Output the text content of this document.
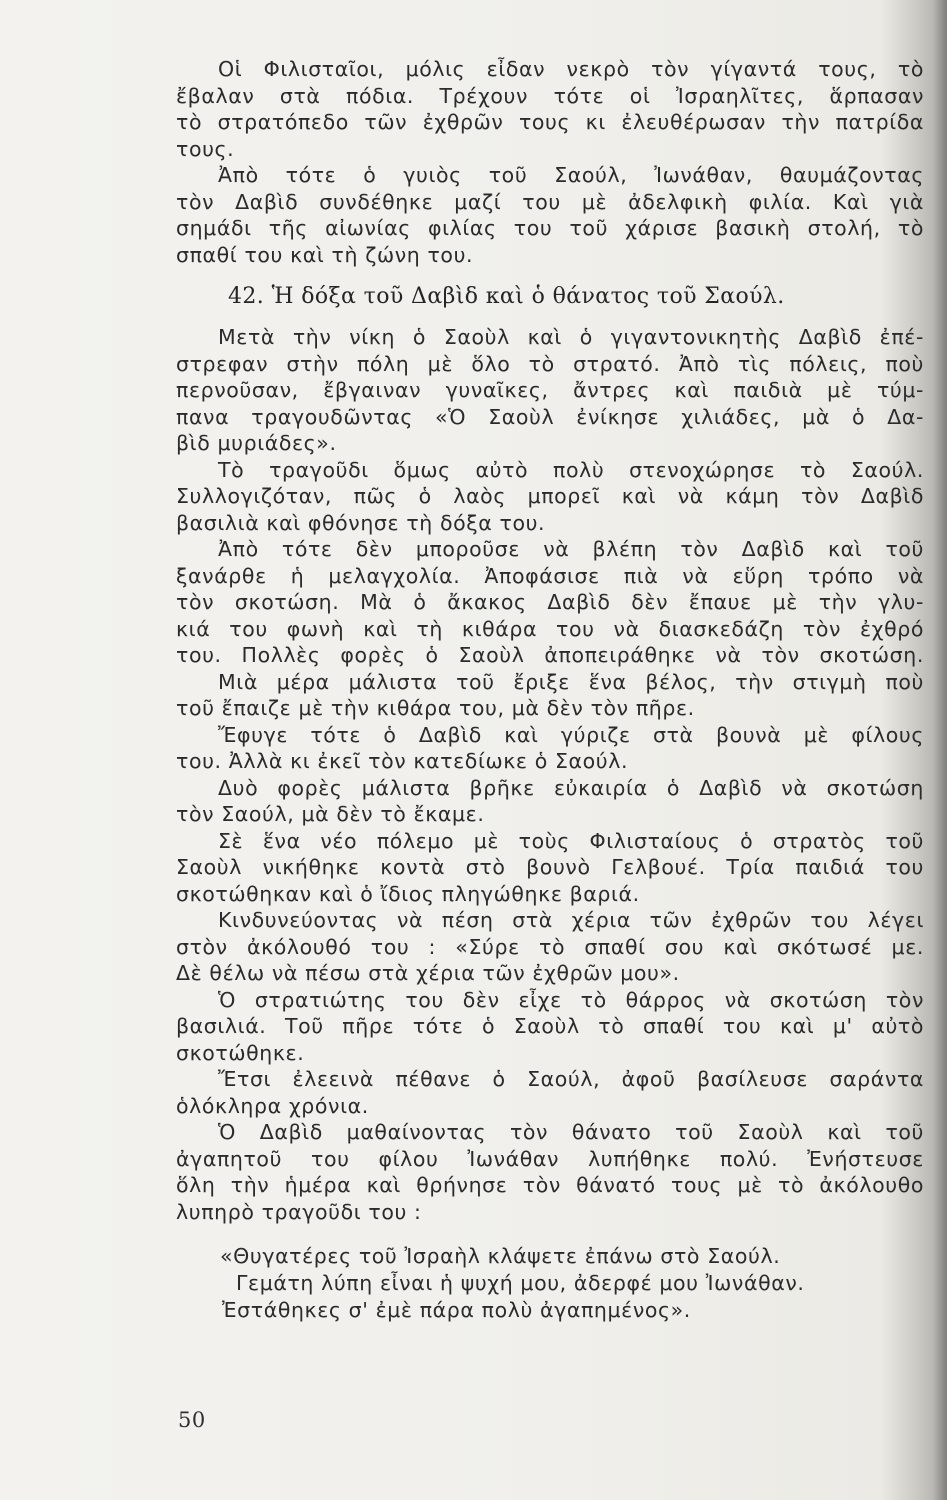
Οἱ Φιλισταῖοι, μόλις εἶδαν νεκρὸ τὸν γίγαντά τους, τὸ
ἔβαλαν στὰ πόδια. Τρέχουν τότε οἱ Ἰσραηλῖτες, ἅρπασαν
τὸ στρατόπεδο τῶν ἐχθρῶν τους κι ἐλευθέρωσαν τὴν πατρίδα
τους.
Ἀπὸ τότε ὁ γυιὸς τοῦ Σαούλ, Ἰωνάθαν, θαυμάζοντας
τὸν Δαβὶδ συνδέθηκε μαζί του μὲ ἀδελφικὴ φιλία. Καὶ γιὰ
σημάδι τῆς αἰωνίας φιλίας του τοῦ χάρισε βασικὴ στολή, τὸ
σπαθί του καὶ τὴ ζώνη του.
42. Ἡ δόξα τοῦ Δαβὶδ καὶ ὁ θάνατος τοῦ Σαούλ.
Μετὰ τὴν νίκη ὁ Σαοὺλ καὶ ὁ γιγαντονικητὴς Δαβὶδ ἐπέ-
στρεφαν στὴν πόλη μὲ ὅλο τὸ στρατό. Ἀπὸ τὶς πόλεις, ποὺ
περνοῦσαν, ἔβγαιναν γυναῖκες, ἄντρες καὶ παιδιὰ μὲ τύμ-
πανα τραγουδῶντας «Ὁ Σαοὺλ ἐνίκησε χιλιάδες, μὰ ὁ Δα-
βὶδ μυριάδες».
Τὸ τραγοῦδι ὅμως αὐτὸ πολὺ στενοχώρησε τὸ Σαούλ.
Συλλογιζόταν, πῶς ὁ λαὸς μπορεῖ καὶ νὰ κάμη τὸν Δαβὶδ
βασιλιὰ καὶ φθόνησε τὴ δόξα του.
Ἀπὸ τότε δὲν μποροῦσε νὰ βλέπη τὸν Δαβὶδ καὶ τοῦ
ξανάρθε ἡ μελαγχολία. Ἀποφάσισε πιὰ νὰ εὕρη τρόπο νὰ
τὸν σκοτώση. Μὰ ὁ ἄκακος Δαβὶδ δὲν ἔπαυε μὲ τὴν γλυ-
κιά του φωνὴ καὶ τὴ κιθάρα του νὰ διασκεδάζη τὸν ἐχθρό
του. Πολλὲς φορὲς ὁ Σαοὺλ ἀποπειράθηκε νὰ τὸν σκοτώση.
Μιὰ μέρα μάλιστα τοῦ ἔριξε ἕνα βέλος, τὴν στιγμὴ ποὺ
τοῦ ἔπαιζε μὲ τὴν κιθάρα του, μὰ δὲν τὸν πῆρε.
Ἔφυγε τότε ὁ Δαβὶδ καὶ γύριζε στὰ βουνὰ μὲ φίλους
του. Ἀλλὰ κι ἐκεῖ τὸν κατεδίωκε ὁ Σαούλ.
Δυὸ φορὲς μάλιστα βρῆκε εὐκαιρία ὁ Δαβὶδ νὰ σκοτώση
τὸν Σαούλ, μὰ δὲν τὸ ἔκαμε.
Σὲ ἕνα νέο πόλεμο μὲ τοὺς Φιλισταίους ὁ στρατὸς τοῦ
Σαοὺλ νικήθηκε κοντὰ στὸ βουνὸ Γελβουέ. Τρία παιδιά του
σκοτώθηκαν καὶ ὁ ἴδιος πληγώθηκε βαριά.
Κινδυνεύοντας νὰ πέση στὰ χέρια τῶν ἐχθρῶν του λέγει
στὸν ἀκόλουθό του : «Σύρε τὸ σπαθί σου καὶ σκότωσέ με.
Δὲ θέλω νὰ πέσω στὰ χέρια τῶν ἐχθρῶν μου».
Ὁ στρατιώτης του δὲν εἶχε τὸ θάρρος νὰ σκοτώση τὸν
βασιλιά. Τοῦ πῆρε τότε ὁ Σαοὺλ τὸ σπαθί του καὶ μ' αὐτὸ
σκοτώθηκε.
Ἔτσι ἐλεεινὰ πέθανε ὁ Σαούλ, ἀφοῦ βασίλευσε σαράντα
ὁλόκληρα χρόνια.
Ὁ Δαβὶδ μαθαίνοντας τὸν θάνατο τοῦ Σαοὺλ καὶ τοῦ
ἀγαπητοῦ του φίλου Ἰωνάθαν λυπήθηκε πολύ. Ἐνήστευσε
ὅλη τὴν ἡμέρα καὶ θρήνησε τὸν θάνατό τους μὲ τὸ ἀκόλουθο
λυπηρὸ τραγοῦδι του :
«Θυγατέρες τοῦ Ἰσραὴλ κλάψετε ἐπάνω στὸ Σαούλ.
Γεμάτη λύπη εἶναι ἡ ψυχή μου, ἀδερφέ μου Ἰωνάθαν.
Ἐστάθηκες σ' ἐμὲ πάρα πολὺ ἀγαπημένος».
50
